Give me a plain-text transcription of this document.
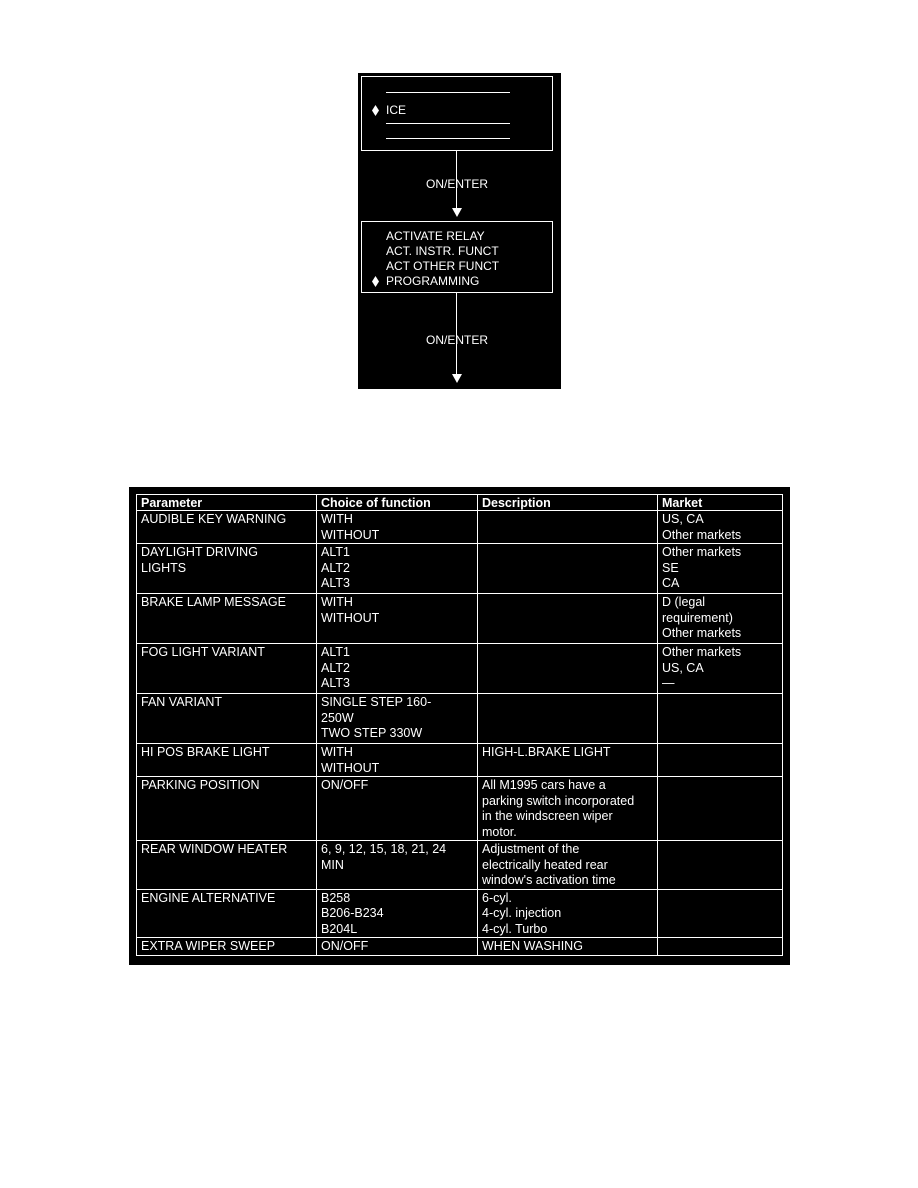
ICE
ON/ENTER
ACTIVATE RELAY
ACT. INSTR. FUNCT
ACT OTHER FUNCT
PROGRAMMING
ON/ENTER
Parameter	Choice of function	Description	Market

AUDIBLE KEY WARNING	WITH
WITHOUT		US, CA
Other markets

DAYLIGHT DRIVING
LIGHTS	ALT1
ALT2
ALT3		Other markets
SE
CA

BRAKE LAMP MESSAGE	WITH
WITHOUT		D (legal
requirement)
Other markets

FOG LIGHT VARIANT	ALT1
ALT2
ALT3		Other markets
US, CA
—

FAN VARIANT	SINGLE STEP 160-
250W
TWO STEP 330W		

HI POS BRAKE LIGHT	WITH
WITHOUT	HIGH-L.BRAKE LIGHT	

PARKING POSITION	ON/OFF	All M1995 cars have a
parking switch incorporated
in the windscreen wiper
motor.	

REAR WINDOW HEATER	6, 9, 12, 15, 18, 21, 24
MIN	Adjustment of the
electrically heated rear
window's activation time	

ENGINE ALTERNATIVE	B258
B206-B234
B204L	6-cyl.
4-cyl. injection
4-cyl. Turbo	

EXTRA WIPER SWEEP	ON/OFF	WHEN WASHING	
